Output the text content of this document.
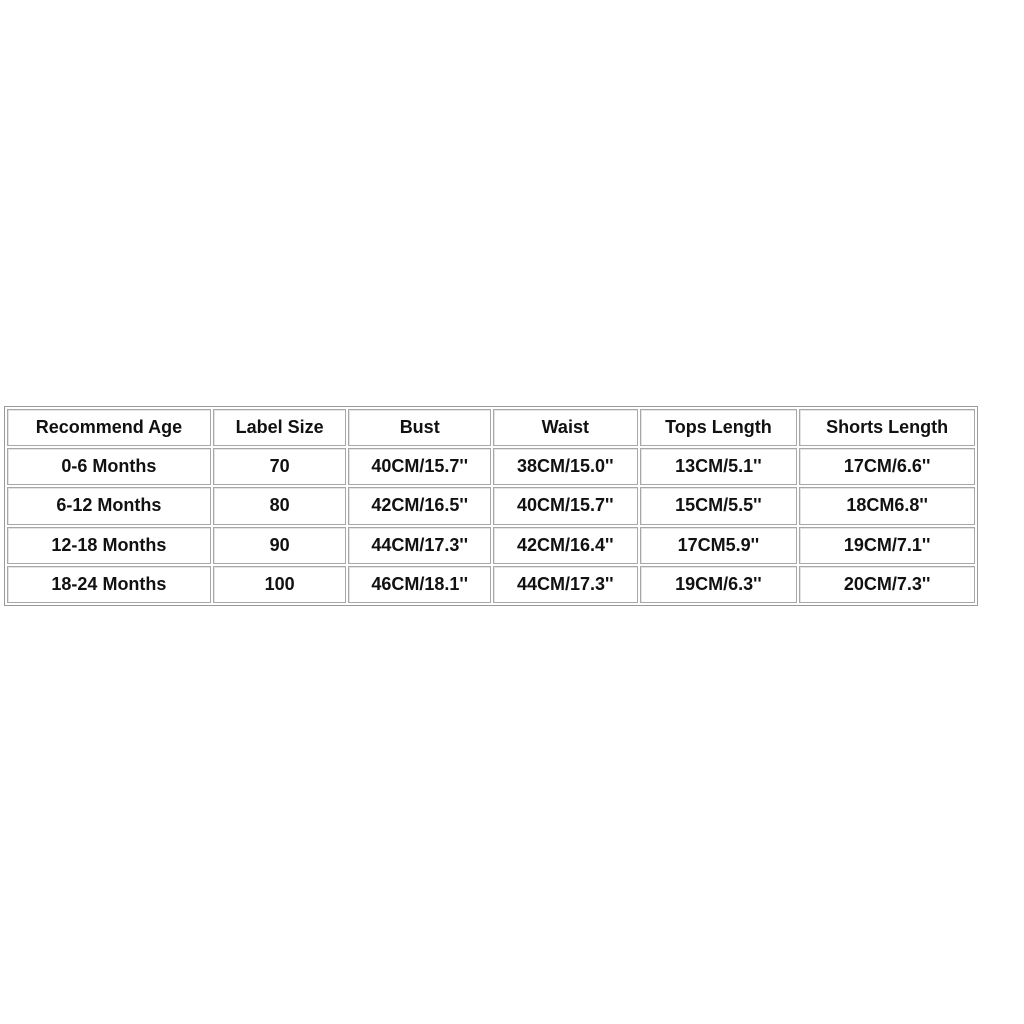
Recommend Age	Label Size	Bust	Waist	Tops Length	Shorts Length
0-6 Months	70	40CM/15.7''	38CM/15.0''	13CM/5.1''	17CM/6.6''
6-12 Months	80	42CM/16.5''	40CM/15.7''	15CM/5.5''	18CM6.8''
12-18 Months	90	44CM/17.3''	42CM/16.4''	17CM5.9''	19CM/7.1''
18-24 Months	100	46CM/18.1''	44CM/17.3''	19CM/6.3''	20CM/7.3''
